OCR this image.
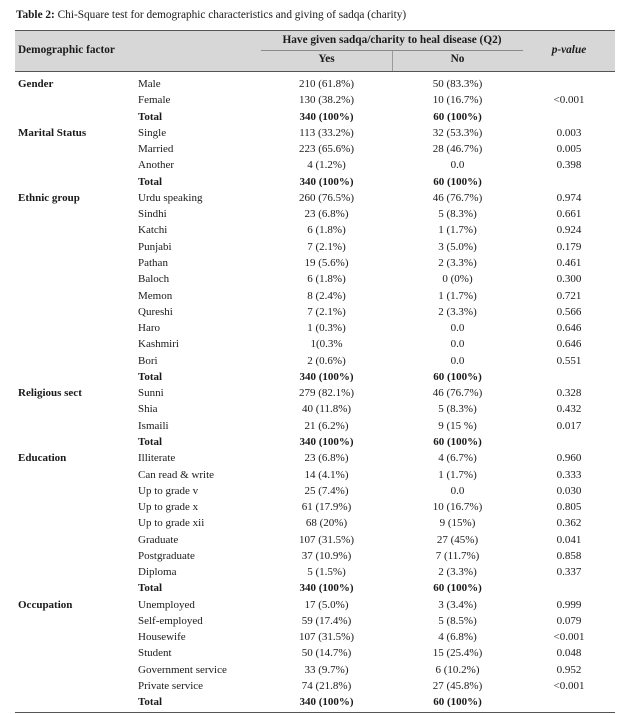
Table 2: Chi-Square test for demographic characteristics and giving of sadqa (charity)
Demographic factor
Have given sadqa/charity to heal disease (Q2)
Yes	No
p-value
Gender	Male	210 (61.8%)	50 (83.3%)
Female	130 (38.2%)	10 (16.7%)	<0.001
Total	340 (100%)	60 (100%)
Marital Status	Single	113 (33.2%)	32 (53.3%)	0.003
Married	223 (65.6%)	28 (46.7%)	0.005
Another	4 (1.2%)	0.0	0.398
Total	340 (100%)	60 (100%)
Ethnic group	Urdu speaking	260 (76.5%)	46 (76.7%)	0.974
Sindhi	23 (6.8%)	5 (8.3%)	0.661
Katchi	6 (1.8%)	1 (1.7%)	0.924
Punjabi	7 (2.1%)	3 (5.0%)	0.179
Pathan	19 (5.6%)	2 (3.3%)	0.461
Baloch	6 (1.8%)	0 (0%)	0.300
Memon	8 (2.4%)	1 (1.7%)	0.721
Qureshi	7 (2.1%)	2 (3.3%)	0.566
Haro	1 (0.3%)	0.0	0.646
Kashmiri	1(0.3%	0.0	0.646
Bori	2 (0.6%)	0.0	0.551
Total	340 (100%)	60 (100%)
Religious sect	Sunni	279 (82.1%)	46 (76.7%)	0.328
Shia	40 (11.8%)	5 (8.3%)	0.432
Ismaili	21 (6.2%)	9 (15 %)	0.017
Total	340 (100%)	60 (100%)
Education	Illiterate	23 (6.8%)	4 (6.7%)	0.960
Can read & write	14 (4.1%)	1 (1.7%)	0.333
Up to grade v	25 (7.4%)	0.0	0.030
Up to grade x	61 (17.9%)	10 (16.7%)	0.805
Up to grade xii	68 (20%)	9 (15%)	0.362
Graduate	107 (31.5%)	27 (45%)	0.041
Postgraduate	37 (10.9%)	7 (11.7%)	0.858
Diploma	5 (1.5%)	2 (3.3%)	0.337
Total	340 (100%)	60 (100%)
Occupation	Unemployed	17 (5.0%)	3 (3.4%)	0.999
Self-employed	59 (17.4%)	5 (8.5%)	0.079
Housewife	107 (31.5%)	4 (6.8%)	<0.001
Student	50 (14.7%)	15 (25.4%)	0.048
Government service	33 (9.7%)	6 (10.2%)	0.952
Private service	74 (21.8%)	27 (45.8%)	<0.001
Total	340 (100%)	60 (100%)
